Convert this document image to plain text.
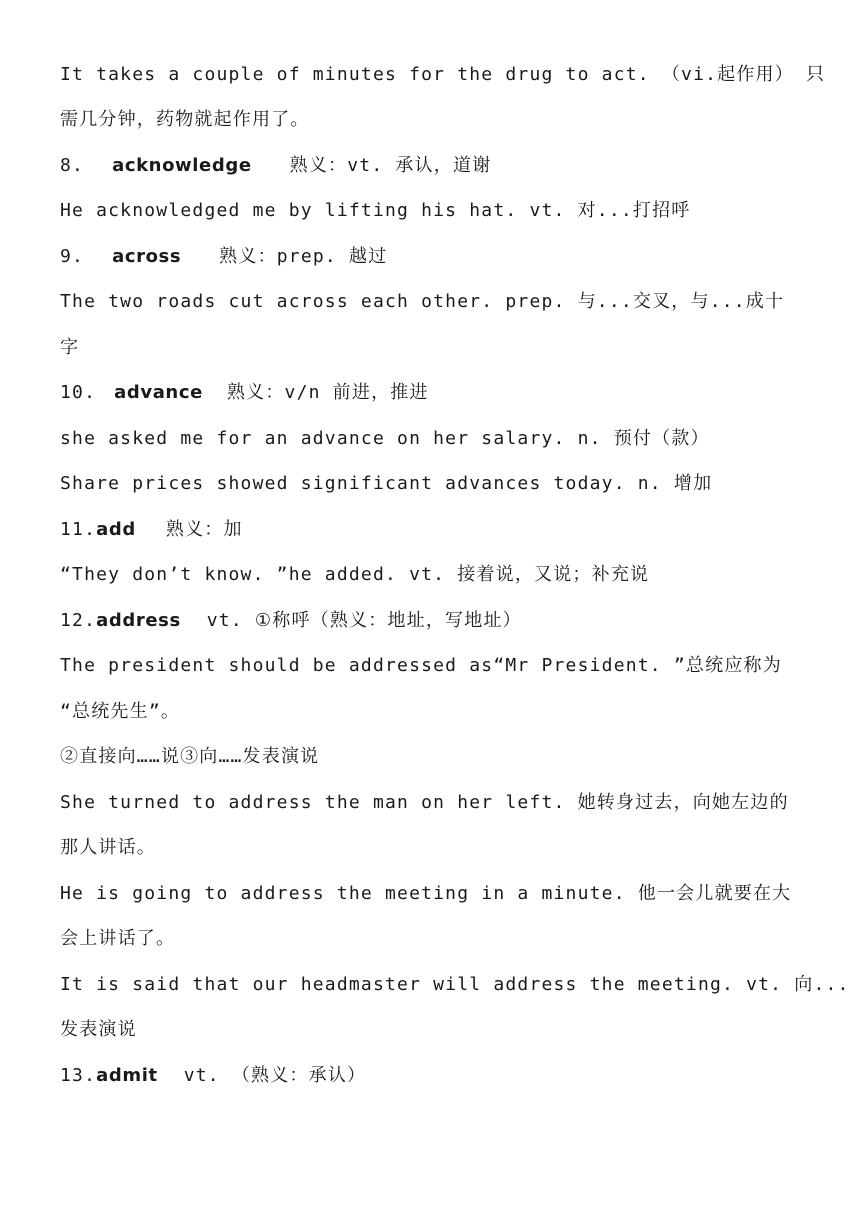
It takes a couple of minutes for the drug to act. （vi.起作用） 只
需几分钟，药物就起作用了。
8. acknowledge 熟义：vt. 承认，道谢
He acknowledged me by lifting his hat. vt. 对...打招呼
9. across 熟义：prep. 越过
The two roads cut across each other. prep. 与...交叉，与...成十
字
10. advance 熟义：v/n 前进，推进
she asked me for an advance on her salary. n. 预付（款）
Share prices showed significant advances today. n. 增加
11.add 熟义：加
“They don’t know. ”he added. vt. 接着说，又说；补充说
12.address vt. ①称呼（熟义：地址，写地址）
The president should be addressed as“Mr President. ”总统应称为
“总统先生”。
②直接向……说③向……发表演说
She turned to address the man on her left. 她转身过去，向她左边的
那人讲话。
He is going to address the meeting in a minute. 他一会儿就要在大
会上讲话了。
It is said that our headmaster will address the meeting. vt. 向...
发表演说
13.admit vt. （熟义：承认）
